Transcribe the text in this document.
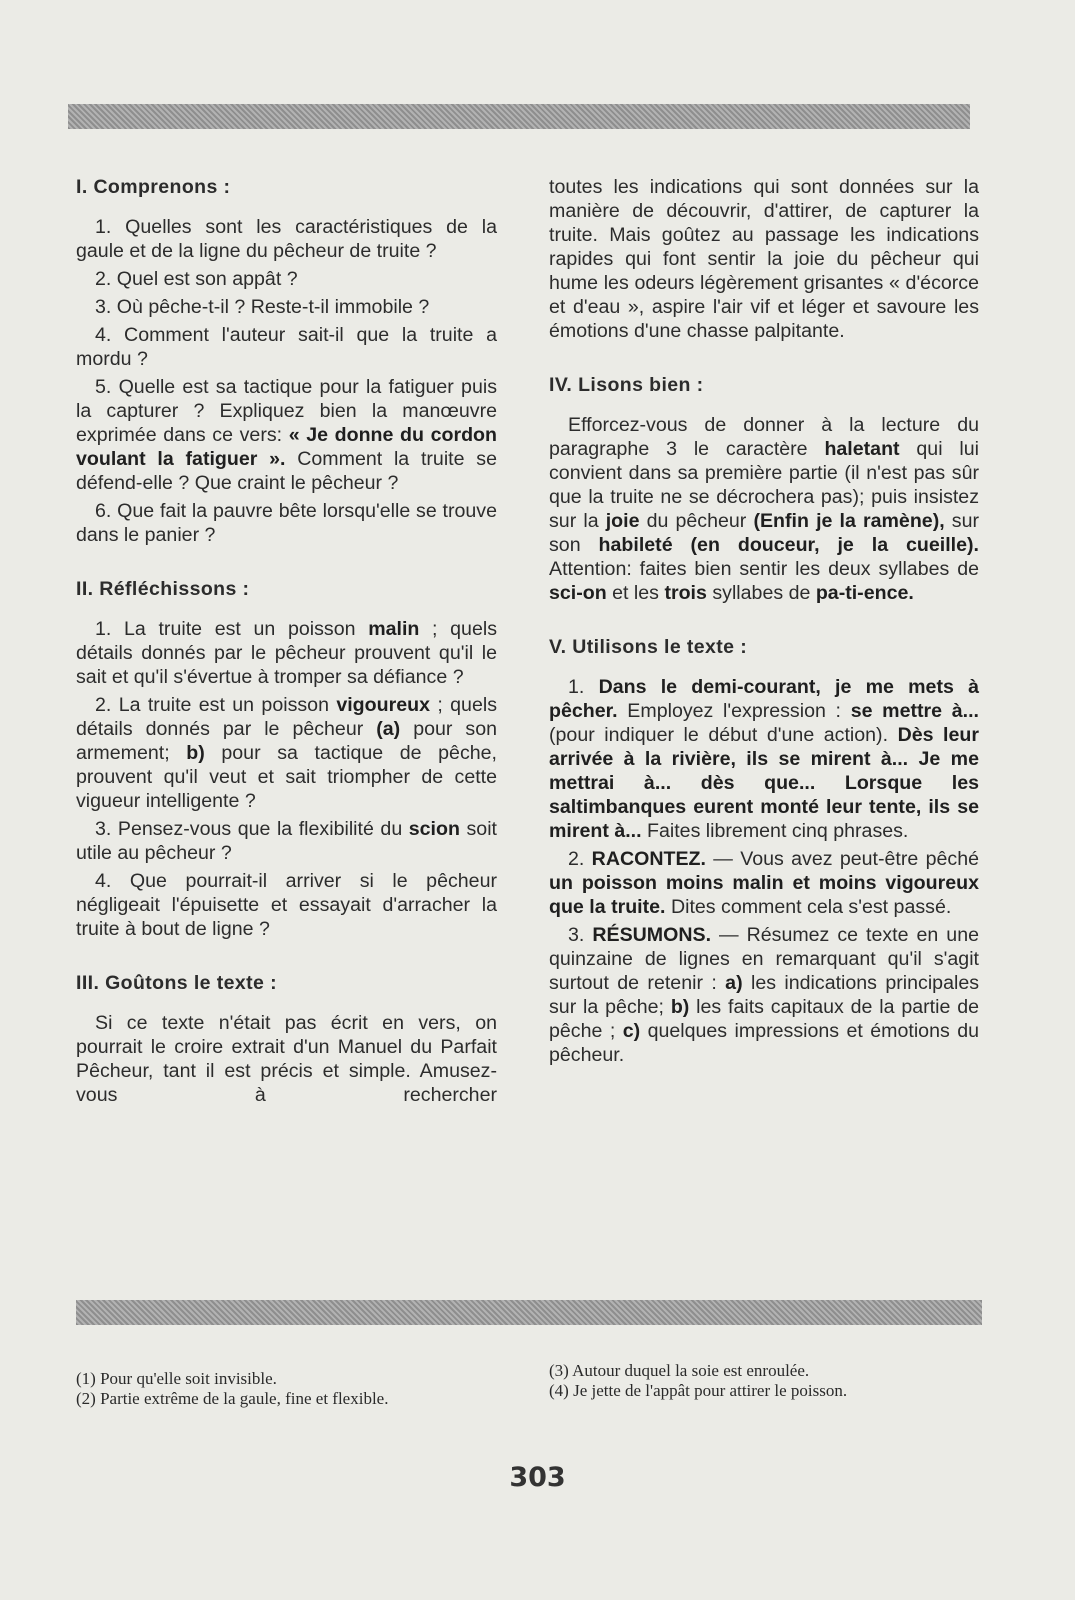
I. Comprenons :

1. Quelles sont les caractéristiques de la gaule et de la ligne du pêcheur de truite ?

2. Quel est son appât ?

3. Où pêche-t-il ? Reste-t-il immobile ?

4. Comment l'auteur sait-il que la truite a mordu ?

5. Quelle est sa tactique pour la fatiguer puis la capturer ? Expliquez bien la manœuvre exprimée dans ce vers: « Je donne du cordon voulant la fatiguer ». Comment la truite se défend-elle ? Que craint le pêcheur ?

6. Que fait la pauvre bête lorsqu'elle se trouve dans le panier ?

II. Réfléchissons :

1. La truite est un poisson malin ; quels détails donnés par le pêcheur prouvent qu'il le sait et qu'il s'évertue à tromper sa défiance ?

2. La truite est un poisson vigoureux ; quels détails donnés par le pêcheur (a) pour son armement; b) pour sa tactique de pêche, prouvent qu'il veut et sait triompher de cette vigueur intelligente ?

3. Pensez-vous que la flexibilité du scion soit utile au pêcheur ?

4. Que pourrait-il arriver si le pêcheur négligeait l'épuisette et essayait d'arracher la truite à bout de ligne ?

III. Goûtons le texte :

Si ce texte n'était pas écrit en vers, on pourrait le croire extrait d'un Manuel du Parfait Pêcheur, tant il est précis et simple. Amusez-vous à rechercher

toutes les indications qui sont données sur la manière de découvrir, d'attirer, de capturer la truite. Mais goûtez au passage les indications rapides qui font sentir la joie du pêcheur qui hume les odeurs légèrement grisantes « d'écorce et d'eau », aspire l'air vif et léger et savoure les émotions d'une chasse palpitante.

IV. Lisons bien :

Efforcez-vous de donner à la lecture du paragraphe 3 le caractère haletant qui lui convient dans sa première partie (il n'est pas sûr que la truite ne se décrochera pas); puis insistez sur la joie du pêcheur (Enfin je la ramène), sur son habileté (en douceur, je la cueille). Attention: faites bien sentir les deux syllabes de sci-on et les trois syllabes de pa-ti-ence.

V. Utilisons le texte :

1. Dans le demi-courant, je me mets à pêcher. Employez l'expression : se mettre à... (pour indiquer le début d'une action). Dès leur arrivée à la rivière, ils se mirent à... Je me mettrai à... dès que... Lorsque les saltimbanques eurent monté leur tente, ils se mirent à... Faites librement cinq phrases.

2. RACONTEZ. — Vous avez peut-être pêché un poisson moins malin et moins vigoureux que la truite. Dites comment cela s'est passé.

3. RÉSUMONS. — Résumez ce texte en une quinzaine de lignes en remarquant qu'il s'agit surtout de retenir : a) les indications principales sur la pêche; b) les faits capitaux de la partie de pêche ; c) quelques impressions et émotions du pêcheur.

(1) Pour qu'elle soit invisible.
(2) Partie extrême de la gaule, fine et flexible.
(3) Autour duquel la soie est enroulée.
(4) Je jette de l'appât pour attirer le poisson.
303
